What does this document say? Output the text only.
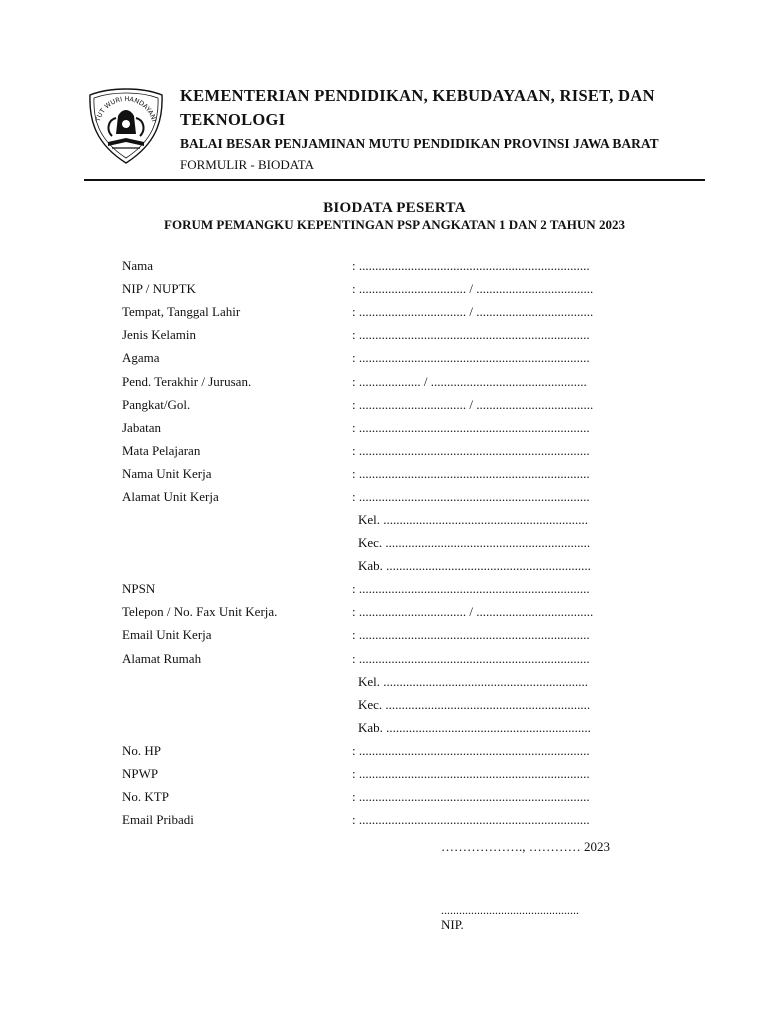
TUT WURI HANDAYANI
KEMENTERIAN PENDIDIKAN, KEBUDAYAAN, RISET, DAN TEKNOLOGI
BALAI BESAR PENJAMINAN MUTU PENDIDIKAN PROVINSI JAWA BARAT
FORMULIR - BIODATA
BIODATA PESERTA
FORUM PEMANGKU KEPENTINGAN PSP ANGKATAN 1 DAN 2 TAHUN 2023
Nama	: .......................................................................
NIP / NUPTK	: ................................. / ....................................
Tempat, Tanggal Lahir	: ................................. / ....................................
Jenis Kelamin	: .......................................................................
Agama	: .......................................................................
Pend. Terakhir / Jurusan.	: ................... / ................................................
Pangkat/Gol.	: ................................. / ....................................
Jabatan	: .......................................................................
Mata Pelajaran	: .......................................................................
Nama Unit Kerja	: .......................................................................
Alamat Unit Kerja	: .......................................................................
Kel. ...............................................................
Kec. ...............................................................
Kab. ...............................................................
NPSN	: .......................................................................
Telepon / No. Fax Unit Kerja.	: ................................. / ....................................
Email Unit Kerja	: .......................................................................
Alamat Rumah	: .......................................................................
Kel. ...............................................................
Kec. ...............................................................
Kab. ...............................................................
No. HP	: .......................................................................
NPWP	: .......................................................................
No. KTP	: .......................................................................
Email Pribadi	: .......................................................................
………………., ………… 2023
..............................................
NIP.
